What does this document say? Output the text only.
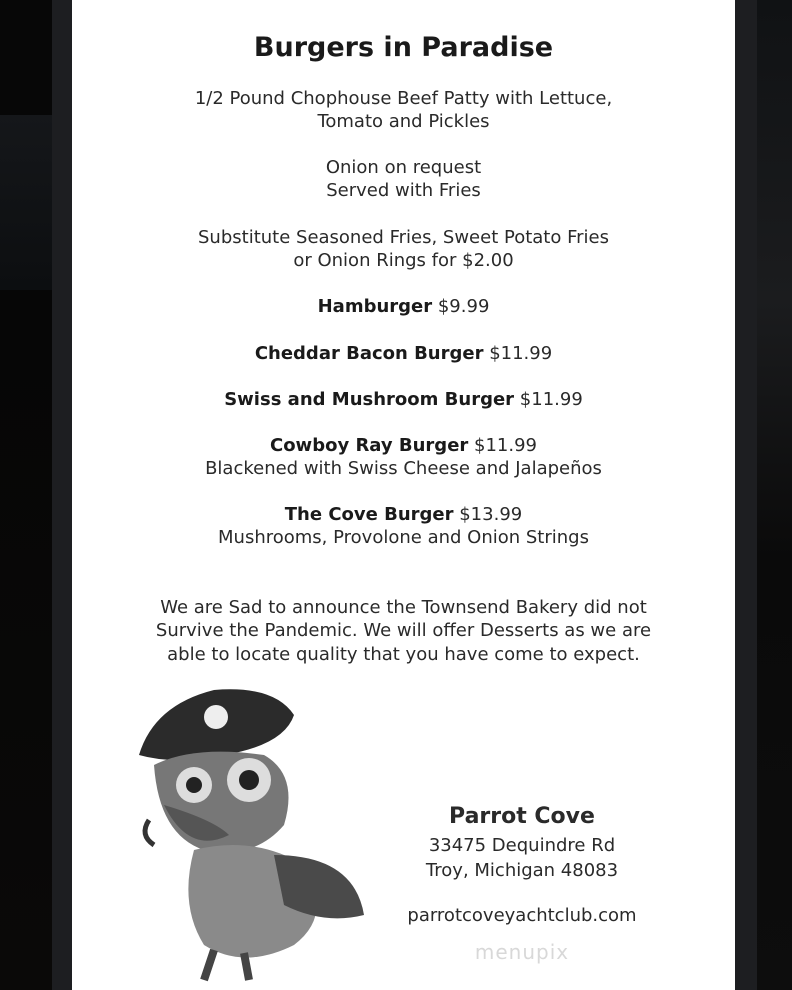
Burgers in Paradise
1/2 Pound Chophouse Beef Patty with Lettuce,
Tomato and Pickles
Onion on request
Served with Fries
Substitute Seasoned Fries, Sweet Potato Fries
or Onion Rings for $2.00
Hamburger $9.99
Cheddar Bacon Burger $11.99
Swiss and Mushroom Burger $11.99
Cowboy Ray Burger $11.99
Blackened with Swiss Cheese and Jalapeños
The Cove Burger $13.99
Mushrooms, Provolone and Onion Strings
We are Sad to announce the Townsend Bakery did not
Survive the Pandemic. We will offer Desserts as we are
able to locate quality that you have come to expect.
Parrot Cove
33475 Dequindre Rd
Troy, Michigan 48083
parrotcoveyachtclub.com
menupix
